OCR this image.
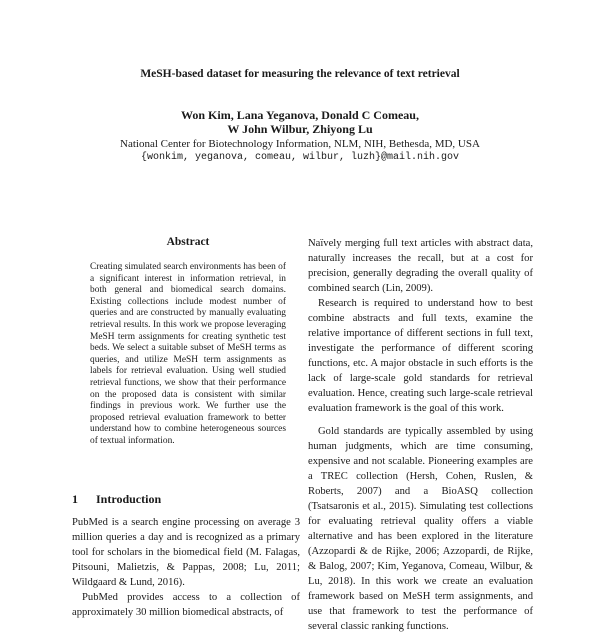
MeSH-based dataset for measuring the relevance of text retrieval
Won Kim, Lana Yeganova, Donald C Comeau,
W John Wilbur, Zhiyong Lu
National Center for Biotechnology Information, NLM, NIH, Bethesda, MD, USA
{wonkim, yeganova, comeau, wilbur, luzh}@mail.nih.gov
Abstract
Creating simulated search environments has been of a significant interest in information retrieval, in both general and biomedical search domains. Existing collections include modest number of queries and are constructed by manually evaluating retrieval results. In this work we propose leveraging MeSH term assignments for creating synthetic test beds. We select a suitable subset of MeSH terms as queries, and utilize MeSH term assignments as labels for retrieval evaluation. Using well studied retrieval functions, we show that their performance on the proposed data is consistent with similar findings in previous work. We further use the proposed retrieval evaluation framework to better understand how to combine heterogeneous sources of textual information.
1 Introduction

PubMed is a search engine processing on average 3 million queries a day and is recognized as a primary tool for scholars in the biomedical field (M. Falagas, Pitsouni, Malietzis, & Pappas, 2008; Lu, 2011; Wildgaard & Lund, 2016).

PubMed provides access to a collection of approximately 30 million biomedical abstracts, of

Naïvely merging full text articles with abstract data, naturally increases the recall, but at a cost for precision, generally degrading the overall quality of combined search (Lin, 2009).

Research is required to understand how to best combine abstracts and full texts, examine the relative importance of different sections in full text, investigate the performance of different scoring functions, etc. A major obstacle in such efforts is the lack of large-scale gold standards for retrieval evaluation. Hence, creating such large-scale retrieval evaluation framework is the goal of this work.

Gold standards are typically assembled by using human judgments, which are time consuming, expensive and not scalable. Pioneering examples are a TREC collection (Hersh, Cohen, Ruslen, & Roberts, 2007) and a BioASQ collection (Tsatsaronis et al., 2015). Simulating test collections for evaluating retrieval quality offers a viable alternative and has been explored in the literature (Azzopardi & de Rijke, 2006; Azzopardi, de Rijke, & Balog, 2007; Kim, Yeganova, Comeau, Wilbur, & Lu, 2018). In this work we create an evaluation framework based on MeSH term assignments, and use that framework to test the performance of several classic ranking functions.
